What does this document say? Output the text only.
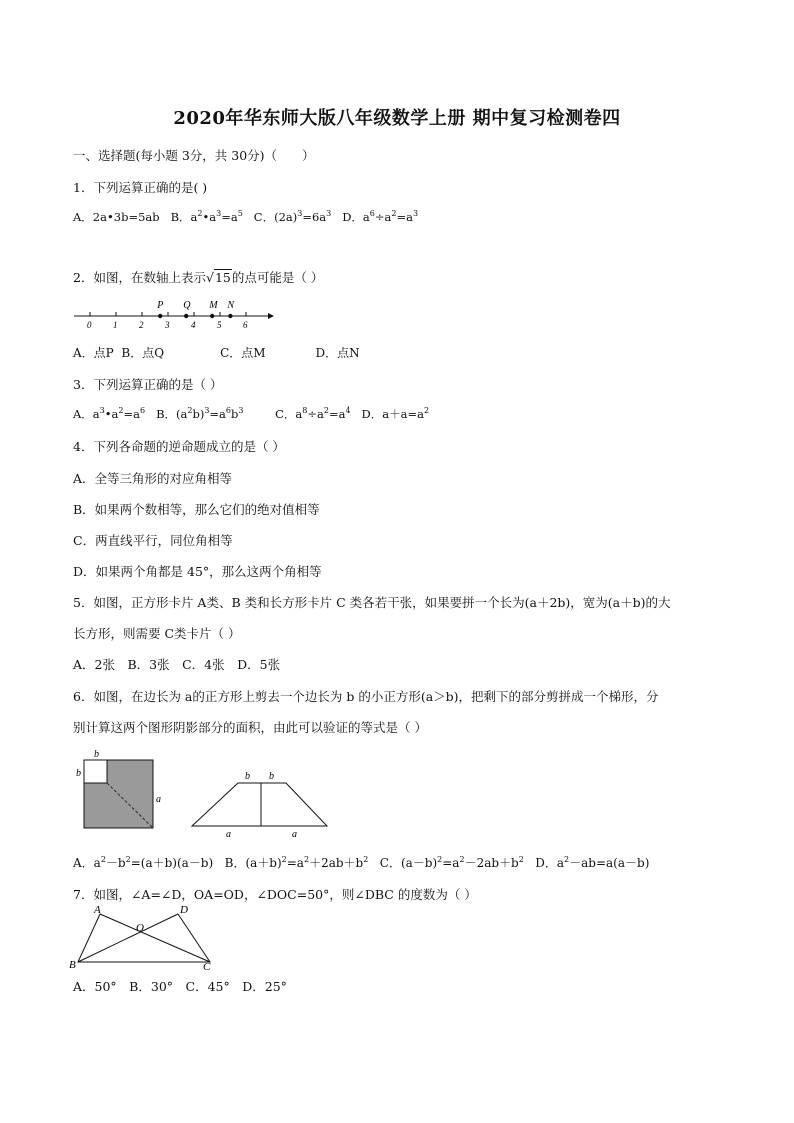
2020年华东师大版八年级数学上册 期中复习检测卷四
一、选择题(每小题 3分，共 30分)（　　）
1．下列运算正确的是( )
A．2a•3b=5ab B．$a^2•a^3=a^5$ C．$(2a)^3=6a^3$ D．$a^6\div a^2=a^3$
2．如图，在数轴上表示√15的点可能是（ ）
0 1 2 3 4 5 6
P Q M N
A．点P B．点Q	C．点M	D．点N
3．下列运算正确的是（ ）
A．$a^3•a^2=a^6$ B．$(a^2b)^3=a^6b^3$	C．$a^8\div a^2=a^4$ D．$a+a=a^2$
4．下列各命题的逆命题成立的是（ ）
A．全等三角形的对应角相等
B．如果两个数相等，那么它们的绝对值相等
C．两直线平行，同位角相等
D．如果两个角都是 45°，那么这两个角相等
5．如图，正方形卡片 A类、B 类和长方形卡片 C 类各若干张，如果要拼一个长为(a＋2b)，宽为(a＋b)的大
长方形，则需要 C类卡片（ ）
A．2张　B．3张　C．4张　D．5张
6．如图，在边长为 a的正方形上剪去一个边长为 b 的小正方形(a＞b)，把剩下的部分剪拼成一个梯形，分
别计算这两个图形阴影部分的面积，由此可以验证的等式是（ ）
b
b
a
b b
a	a
A．$a^2-b^2=(a+b)(a-b)$ B．$(a+b)^2=a^2+2ab+b^2$ C．$(a-b)^2=a^2-2ab+b^2$ D．$a^2-ab=a(a-b)$
7．如图，∠A=∠D，OA=OD，∠DOC=50°，则∠DBC 的度数为（ ）
A	D
O
B	C
A．50°　B．30°　C．45°　D．25°
